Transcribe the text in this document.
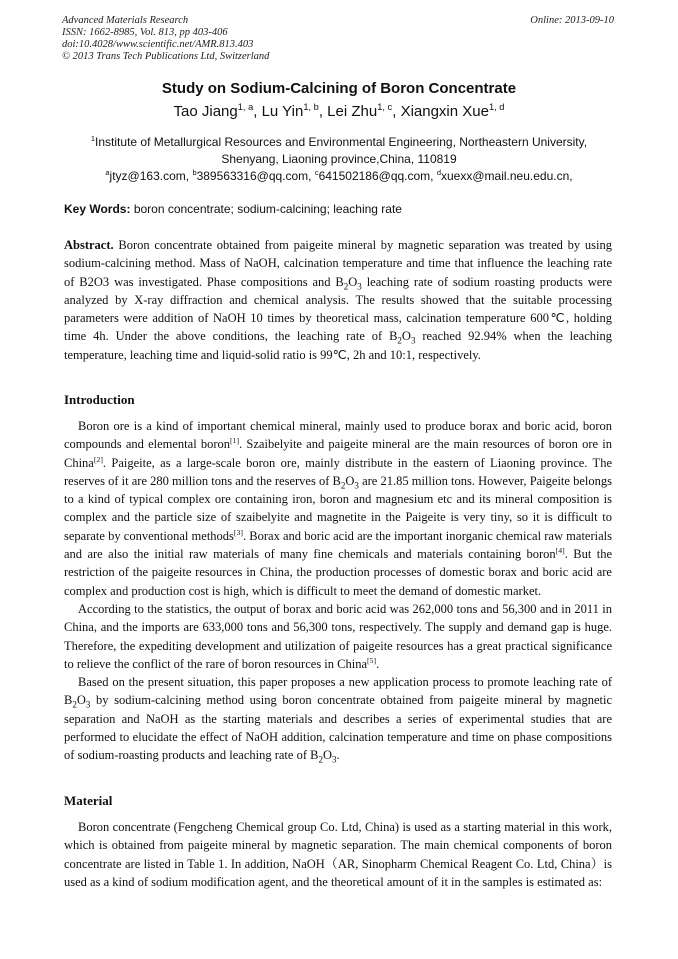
Advanced Materials Research
ISSN: 1662-8985, Vol. 813, pp 403-406
doi:10.4028/www.scientific.net/AMR.813.403
© 2013 Trans Tech Publications Ltd, Switzerland
Online: 2013-09-10
Study on Sodium-Calcining of Boron Concentrate
Tao Jiang$^{1, a}$, Lu Yin$^{1, b}$, Lei Zhu$^{1, c}$, Xiangxin Xue$^{1, d}$
$^1$Institute of Metallurgical Resources and Environmental Engineering, Northeastern University,
Shenyang, Liaoning province,China, 110819
$^a$jtyz@163.com, $^b$389563316@qq.com, $^c$641502186@qq.com, $^d$xuexx@mail.neu.edu.cn,
Key Words: boron concentrate; sodium-calcining; leaching rate
Abstract. Boron concentrate obtained from paigeite mineral by magnetic separation was treated by using sodium-calcining method. Mass of NaOH, calcination temperature and time that influence the leaching rate of B2O3 was investigated. Phase compositions and $B_2O_3$ leaching rate of sodium roasting products were analyzed by X-ray diffraction and chemical analysis. The results showed that the suitable processing parameters were addition of NaOH 10 times by theoretical mass, calcination temperature 600℃, holding time 4h. Under the above conditions, the leaching rate of $B_2O_3$ reached 92.94% when the leaching temperature, leaching time and liquid-solid ratio is 99℃, 2h and 10:1, respectively.
Introduction

Boron ore is a kind of important chemical mineral, mainly used to produce borax and boric acid, boron compounds and elemental boron[1]. Szaibelyite and paigeite mineral are the main resources of boron ore in China[2]. Paigeite, as a large-scale boron ore, mainly distribute in the eastern of Liaoning province. The reserves of it are 280 million tons and the reserves of $B_2O_3$ are 21.85 million tons. However, Paigeite belongs to a kind of typical complex ore containing iron, boron and magnesium etc and its mineral composition is complex and the particle size of szaibelyite and magnetite in the Paigeite is very tiny, so it is difficult to separate by conventional methods[3]. Borax and boric acid are the important inorganic chemical raw materials and are also the initial raw materials of many fine chemicals and materials containing boron[4]. But the restriction of the paigeite resources in China, the production processes of domestic borax and boric acid are complex and production cost is high, which is difficult to meet the demand of domestic market.

According to the statistics, the output of borax and boric acid was 262,000 tons and 56,300 and in 2011 in China, and the imports are 633,000 tons and 56,300 tons, respectively. The supply and demand gap is huge. Therefore, the expediting development and utilization of paigeite resources has a great practical significance to relieve the conflict of the rare of boron resources in China[5].

Based on the present situation, this paper proposes a new application process to promote leaching rate of $B_2O_3$ by sodium-calcining method using boron concentrate obtained from paigeite mineral by magnetic separation and NaOH as the starting materials and describes a series of experimental studies that are performed to elucidate the effect of NaOH addition, calcination temperature and time on phase compositions of sodium-roasting products and leaching rate of $B_2O_3$.

Material

Boron concentrate (Fengcheng Chemical group Co. Ltd, China) is used as a starting material in this work, which is obtained from paigeite mineral by magnetic separation. The main chemical components of boron concentrate are listed in Table 1. In addition, NaOH（AR, Sinopharm Chemical Reagent Co. Ltd, China）is used as a kind of sodium modification agent, and the theoretical amount of it in the samples is estimated as:
